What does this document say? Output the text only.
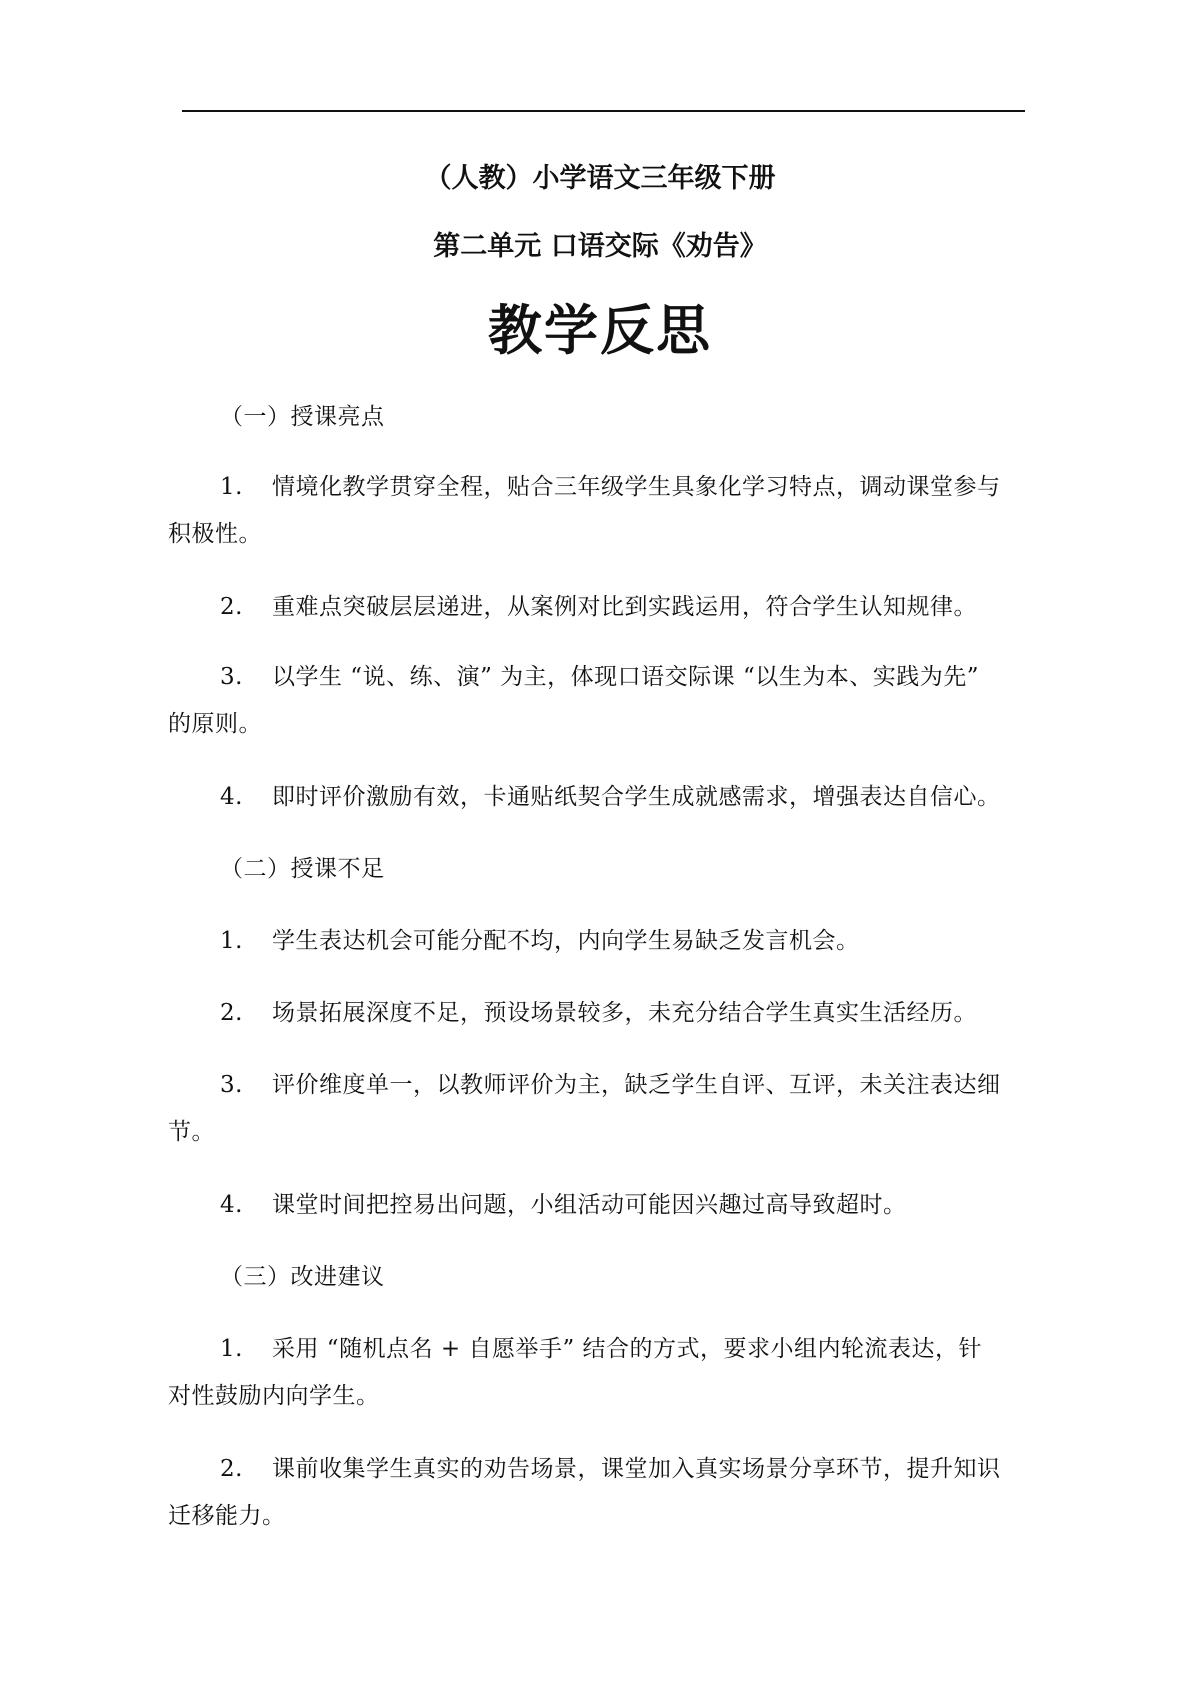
（人教）小学语文三年级下册
第二单元 口语交际《劝告》
教学反思
（一）授课亮点
1. 情境化教学贯穿全程，贴合三年级学生具象化学习特点，调动课堂参与
积极性。
2. 重难点突破层层递进，从案例对比到实践运用，符合学生认知规律。
3. 以学生 “说、练、演” 为主，体现口语交际课 “以生为本、实践为先”
的原则。
4. 即时评价激励有效，卡通贴纸契合学生成就感需求，增强表达自信心。
（二）授课不足
1. 学生表达机会可能分配不均，内向学生易缺乏发言机会。
2. 场景拓展深度不足，预设场景较多，未充分结合学生真实生活经历。
3. 评价维度单一，以教师评价为主，缺乏学生自评、互评，未关注表达细
节。
4. 课堂时间把控易出问题，小组活动可能因兴趣过高导致超时。
（三）改进建议
1. 采用 “随机点名 + 自愿举手” 结合的方式，要求小组内轮流表达，针
对性鼓励内向学生。
2. 课前收集学生真实的劝告场景，课堂加入真实场景分享环节，提升知识
迁移能力。
